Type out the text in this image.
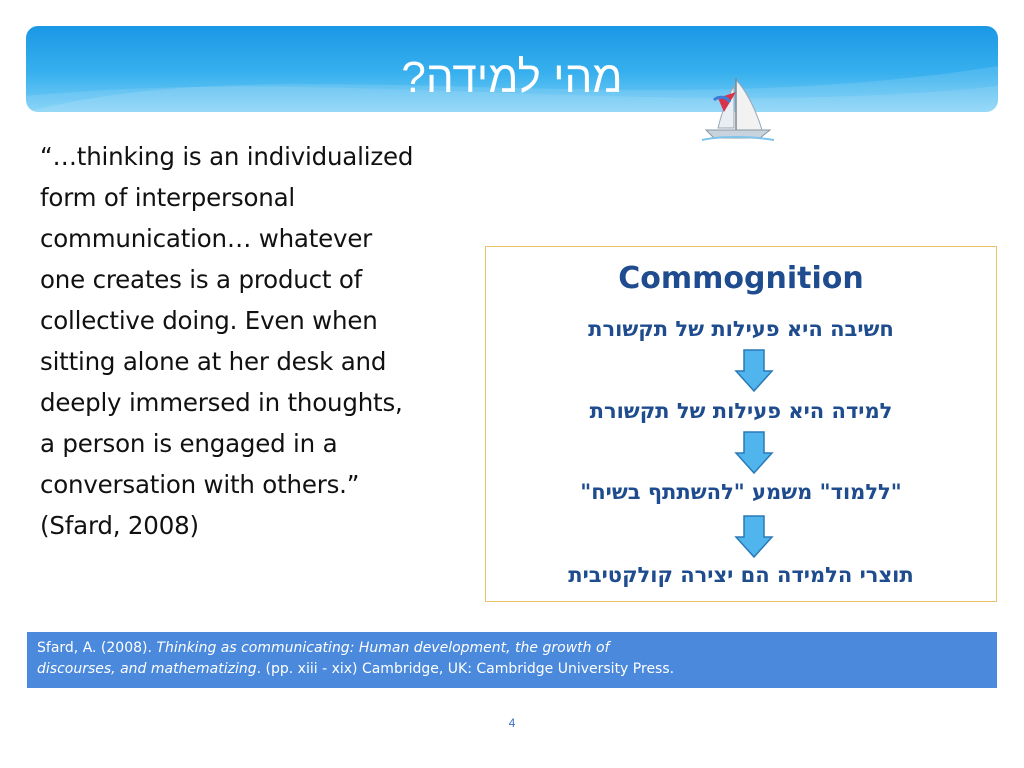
מהי למידה?
“…thinking is an individualized
form of interpersonal
communication… whatever
one creates is a product of
collective doing. Even when
sitting alone at her desk and
deeply immersed in thoughts,
a person is engaged in a
conversation with others.”
(Sfard, 2008)
Commognition
חשיבה היא פעילות של תקשורת
למידה היא פעילות של תקשורת
"ללמוד" משמע "להשתתף בשיח"
תוצרי הלמידה הם יצירה קולקטיבית
Sfard, A. (2008). Thinking as communicating: Human development, the growth of
discourses, and mathematizing. (pp. xiii - xix) Cambridge, UK: Cambridge University Press.
4
